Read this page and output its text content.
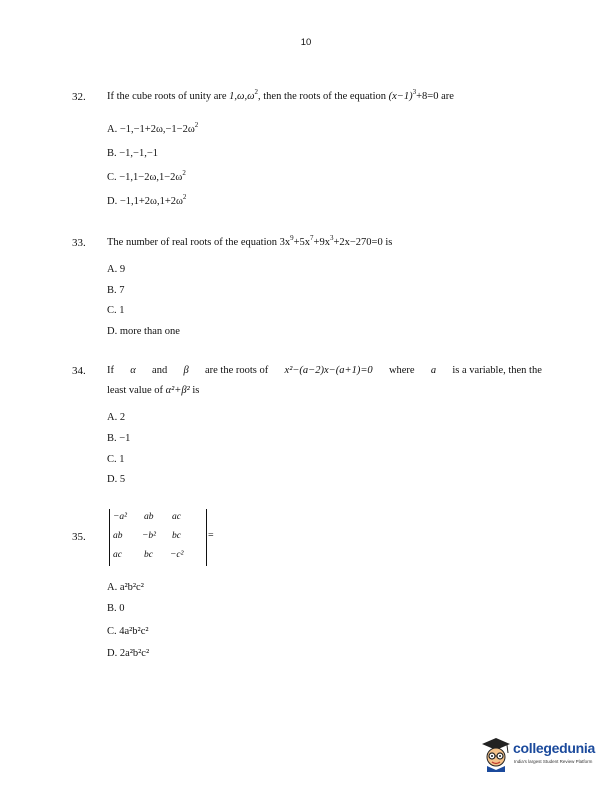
10
32. If the cube roots of unity are $1,\omega,\omega^2$, then the roots of the equation $(x-1)^3+8=0$ are
A. $-1,-1+2\omega,-1-2\omega^2$
B. −1,−1,−1
C. $-1,1-2\omega,1-2\omega^2$
D. $-1,1+2\omega,1+2\omega^2$
33. The number of real roots of the equation $3x^9+5x^7+9x^3+2x-270=0$ is
A. 9
B. 7
C. 1
D. more than one
34. If α and β are the roots of x²−(a−2)x−(a+1)=0 where a is a variable, then the
least value of α²+β² is
A. 2
B. −1
C. 1
D. 5
35.
−a² ab ac
ab −b² bc
ac bc −c²
=
A. a²b²c²
B. 0
C. 4a²b²c²
D. 2a²b²c²
collegedunia
India's largest Student Review Platform
